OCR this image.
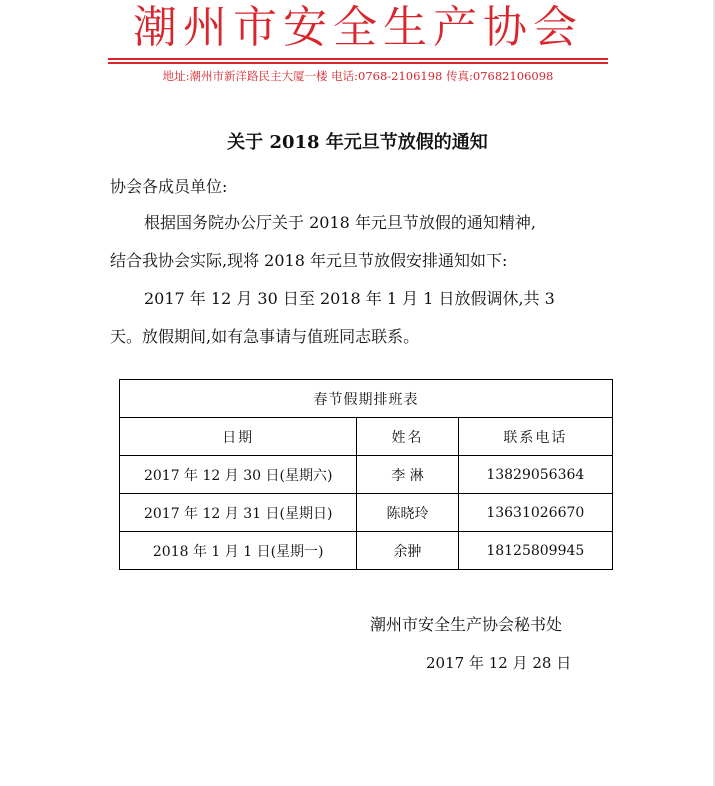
潮州市安全生产协会
地址:潮州市新洋路民主大厦一楼 电话:0768-2106198 传真:07682106098
关于 2018 年元旦节放假的通知
协会各成员单位:
根据国务院办公厅关于 2018 年元旦节放假的通知精神,
结合我协会实际,现将 2018 年元旦节放假安排通知如下:
2017 年 12 月 30 日至 2018 年 1 月 1 日放假调休,共 3
天。放假期间,如有急事请与值班同志联系。
春节假期排班表		
日期	姓名	联系电话
2017 年 12 月 30 日(星期六)	李 淋	13829056364
2017 年 12 月 31 日(星期日)	陈晓玲	13631026670
2018 年 1 月 1 日(星期一)	余翀	18125809945
潮州市安全生产协会秘书处
2017 年 12 月 28 日
